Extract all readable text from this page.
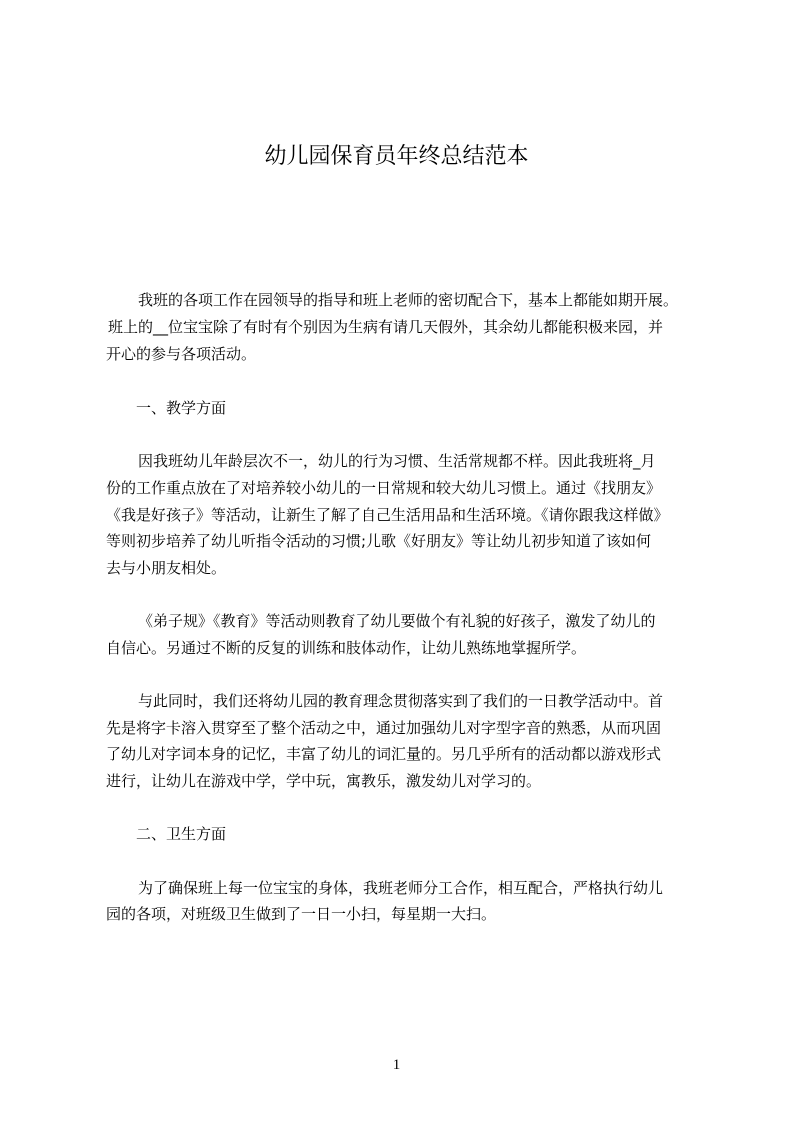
幼儿园保育员年终总结范本

我班的各项工作在园领导的指导和班上老师的密切配合下，基本上都能如期开展。

班上的__位宝宝除了有时有个别因为生病有请几天假外，其余幼儿都能积极来园，并

开心的参与各项活动。

一、教学方面

因我班幼儿年龄层次不一，幼儿的行为习惯、生活常规都不样。因此我班将_月

份的工作重点放在了对培养较小幼儿的一日常规和较大幼儿习惯上。通过《找朋友》

《我是好孩子》等活动，让新生了解了自己生活用品和生活环境。《请你跟我这样做》

等则初步培养了幼儿听指令活动的习惯;儿歌《好朋友》等让幼儿初步知道了该如何

去与小朋友相处。

《弟子规》《教育》等活动则教育了幼儿要做个有礼貌的好孩子，激发了幼儿的

自信心。另通过不断的反复的训练和肢体动作，让幼儿熟练地掌握所学。

与此同时，我们还将幼儿园的教育理念贯彻落实到了我们的一日教学活动中。首

先是将字卡溶入贯穿至了整个活动之中，通过加强幼儿对字型字音的熟悉，从而巩固

了幼儿对字词本身的记忆，丰富了幼儿的词汇量的。另几乎所有的活动都以游戏形式

进行，让幼儿在游戏中学，学中玩，寓教乐，激发幼儿对学习的。

二、卫生方面

为了确保班上每一位宝宝的身体，我班老师分工合作，相互配合，严格执行幼儿

园的各项，对班级卫生做到了一日一小扫，每星期一大扫。

1
